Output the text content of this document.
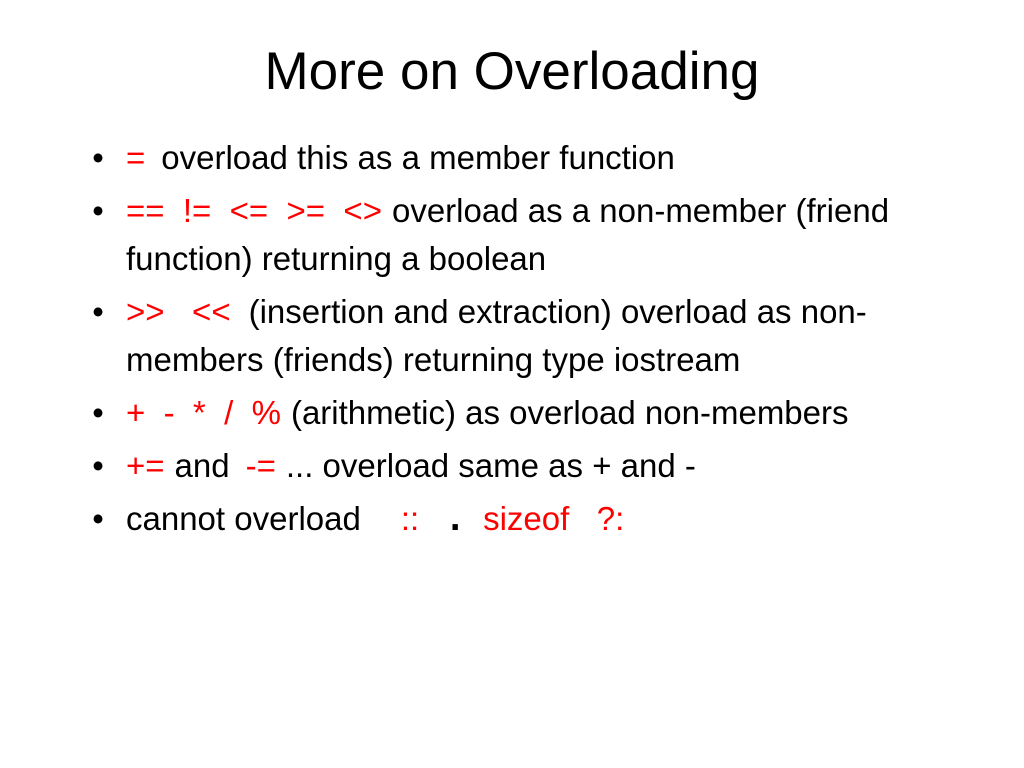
More on Overloading
• = overload this as a member function
• ==  !=  <=  >=  <> overload as a non-member (friend function) returning a boolean
• >>   << (insertion and extraction) overload as non-members (friends) returning type iostream
• +  -  *  /  % (arithmetic) as overload non-members
• += and -= ... overload same as + and -
• cannot overload :: . sizeof   ?:
